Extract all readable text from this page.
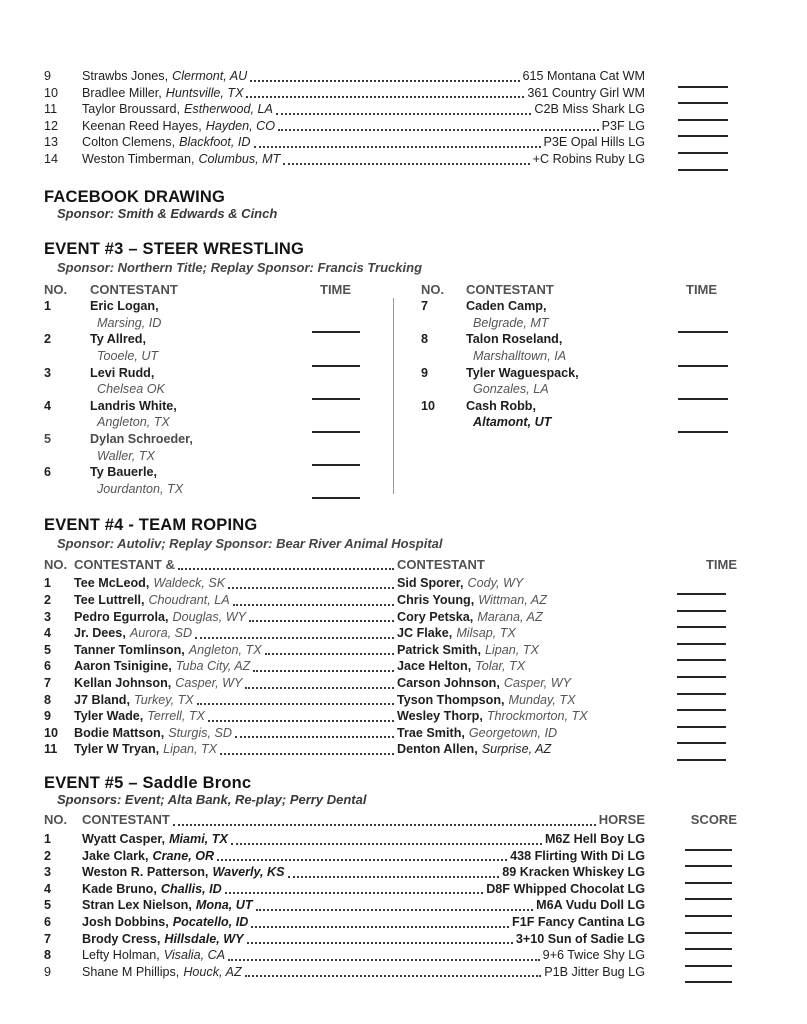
9	Strawbs Jones, Clermont, AU	615 Montana Cat WM
10	Bradlee Miller, Huntsville, TX	361 Country Girl WM
11	Taylor Broussard, Estherwood, LA	C2B Miss Shark LG
12	Keenan Reed Hayes, Hayden, CO	P3F LG
13	Colton Clemens, Blackfoot, ID	P3E Opal Hills LG
14	Weston Timberman, Columbus, MT	+C Robins Ruby LG
FACEBOOK DRAWING

Sponsor: Smith & Edwards & Cinch

EVENT #3 – STEER WRESTLING

Sponsor: Northern Title; Replay Sponsor: Francis Trucking

NO.	CONTESTANT	TIME
1	Eric Logan,
Marsing, ID
2	Ty Allred,
Tooele, UT
3	Levi Rudd,
Chelsea OK
4	Landris White,
Angleton, TX
5	Dylan Schroeder,
Waller, TX
6	Ty Bauerle,
Jourdanton, TX
NO.	CONTESTANT	TIME
7	Caden Camp,
Belgrade, MT
8	Talon Roseland,
Marshalltown, IA
9	Tyler Waguespack,
Gonzales, LA
10	Cash Robb,
Altamont, UT
EVENT #4 - TEAM ROPING

Sponsor: Autoliv; Replay Sponsor: Bear River Animal Hospital

NO. CONTESTANT &	CONTESTANT	TIME
1	Tee McLeod, Waldeck, SK	Sid Sporer, Cody, WY
2	Tee Luttrell, Choudrant, LA	Chris Young, Wittman, AZ
3	Pedro Egurrola, Douglas, WY	Cory Petska, Marana, AZ
4	Jr. Dees, Aurora, SD	JC Flake, Milsap, TX
5	Tanner Tomlinson, Angleton, TX	Patrick Smith, Lipan, TX
6	Aaron Tsinigine, Tuba City, AZ	Jace Helton, Tolar, TX
7	Kellan Johnson, Casper, WY	Carson Johnson, Casper, WY
8	J7 Bland, Turkey, TX	Tyson Thompson, Munday, TX
9	Tyler Wade, Terrell, TX	Wesley Thorp, Throckmorton, TX
10	Bodie Mattson, Sturgis, SD	Trae Smith, Georgetown, ID
11	Tyler W Tryan, Lipan, TX	Denton Allen, Surprise, AZ
EVENT #5 – Saddle Bronc

Sponsors: Event; Alta Bank, Re-play; Perry Dental

NO.	CONTESTANT	HORSE	SCORE
1	Wyatt Casper, Miami, TX	M6Z Hell Boy LG
2	Jake Clark, Crane, OR	438 Flirting With Di LG
3	Weston R. Patterson, Waverly, KS	89 Kracken Whiskey LG
4	Kade Bruno, Challis, ID	D8F Whipped Chocolat LG
5	Stran Lex Nielson, Mona, UT	M6A Vudu Doll LG
6	Josh Dobbins, Pocatello, ID	F1F Fancy Cantina LG
7	Brody Cress, Hillsdale, WY	3+10 Sun of Sadie LG
8	Lefty Holman, Visalia, CA	9+6 Twice Shy LG
9	Shane M Phillips, Houck, AZ	P1B Jitter Bug LG
